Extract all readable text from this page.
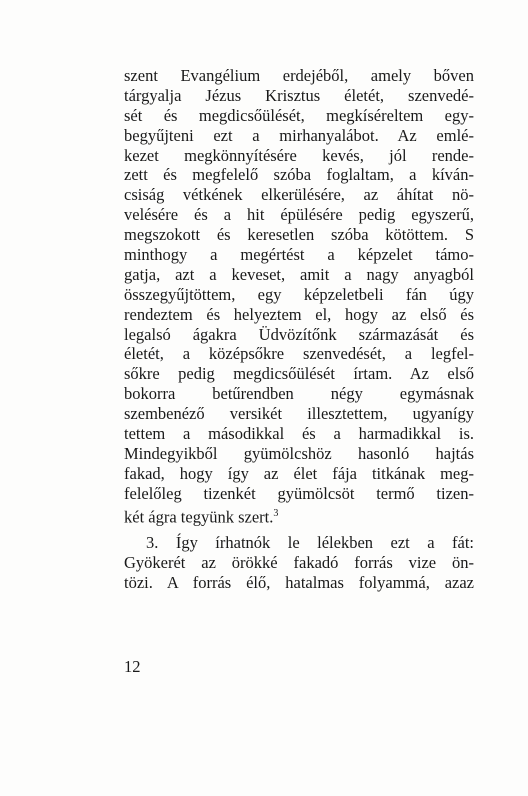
szent Evangélium erdejéből, amely bőven
tárgyalja Jézus Krisztus életét, szenvedé-
sét és megdicsőülését, megkíséreltem egy-
begyűjteni ezt a mirhanyalábot. Az emlé-
kezet megkönnyítésére kevés, jól rende-
zett és megfelelő szóba foglaltam, a kíván-
csiság vétkének elkerülésére, az áhítat nö-
velésére és a hit épülésére pedig egyszerű,
megszokott és keresetlen szóba kötöttem. S
minthogy a megértést a képzelet támo-
gatja, azt a keveset, amit a nagy anyagból
összegyűjtöttem, egy képzeletbeli fán úgy
rendeztem és helyeztem el, hogy az első és
legalsó ágakra Üdvözítőnk származását és
életét, a középsőkre szenvedését, a legfel-
sőkre pedig megdicsőülését írtam. Az első
bokorra betűrendben négy egymásnak
szembenéző versikét illesztettem, ugyanígy
tettem a másodikkal és a harmadikkal is.
Mindegyikből gyümölcshöz hasonló hajtás
fakad, hogy így az élet fája titkának meg-
felelőleg tizenkét gyümölcsöt termő tizen-
két ágra tegyünk szert.$^3$
3. Így írhatnók le lélekben ezt a fát:
Gyökerét az örökké fakadó forrás vize ön-
tözi. A forrás élő, hatalmas folyammá, azaz
12
